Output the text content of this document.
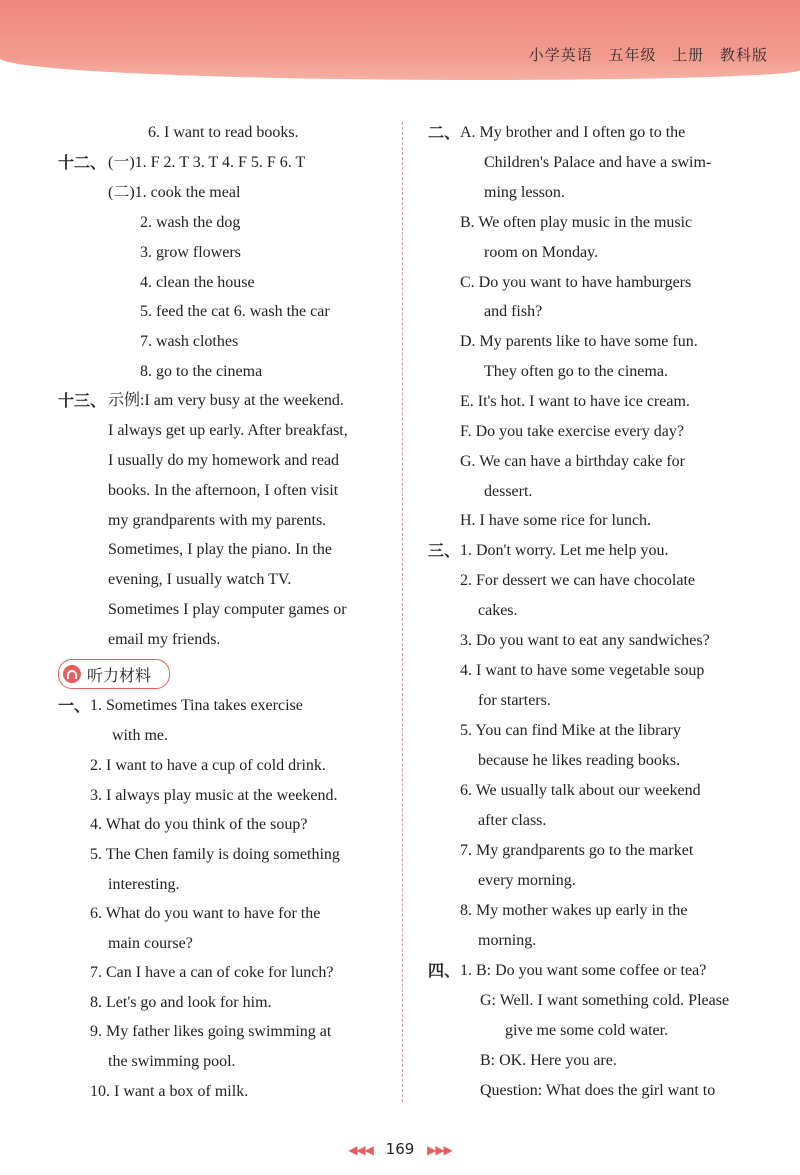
小学英语 五年级 上册 教科版
6. I want to read books.
十二、 (一)1. F 2. T 3. T 4. F 5. F 6. T
(二)1. cook the meal
2. wash the dog
3. grow flowers
4. clean the house
5. feed the cat 6. wash the car
7. wash clothes
8. go to the cinema
十三、 示例:I am very busy at the weekend.
I always get up early. After breakfast,
I usually do my homework and read
books. In the afternoon, I often visit
my grandparents with my parents.
Sometimes, I play the piano. In the
evening, I usually watch TV.
Sometimes I play computer games or
email my friends.
听力材料
一、 1. Sometimes Tina takes exercise
with me.
2. I want to have a cup of cold drink.
3. I always play music at the weekend.
4. What do you think of the soup?
5. The Chen family is doing something
interesting.
6. What do you want to have for the
main course?
7. Can I have a can of coke for lunch?
8. Let's go and look for him.
9. My father likes going swimming at
the swimming pool.
10. I want a box of milk.
二、 A. My brother and I often go to the
Children's Palace and have a swim-
ming lesson.
B. We often play music in the music
room on Monday.
C. Do you want to have hamburgers
and fish?
D. My parents like to have some fun.
They often go to the cinema.
E. It's hot. I want to have ice cream.
F. Do you take exercise every day?
G. We can have a birthday cake for
dessert.
H. I have some rice for lunch.
三、 1. Don't worry. Let me help you.
2. For dessert we can have chocolate
cakes.
3. Do you want to eat any sandwiches?
4. I want to have some vegetable soup
for starters.
5. You can find Mike at the library
because he likes reading books.
6. We usually talk about our weekend
after class.
7. My grandparents go to the market
every morning.
8. My mother wakes up early in the
morning.
四、 1. B: Do you want some coffee or tea?
G: Well. I want something cold. Please
give me some cold water.
B: OK. Here you are.
Question: What does the girl want to
◀◀◀ 169 ▶▶▶
